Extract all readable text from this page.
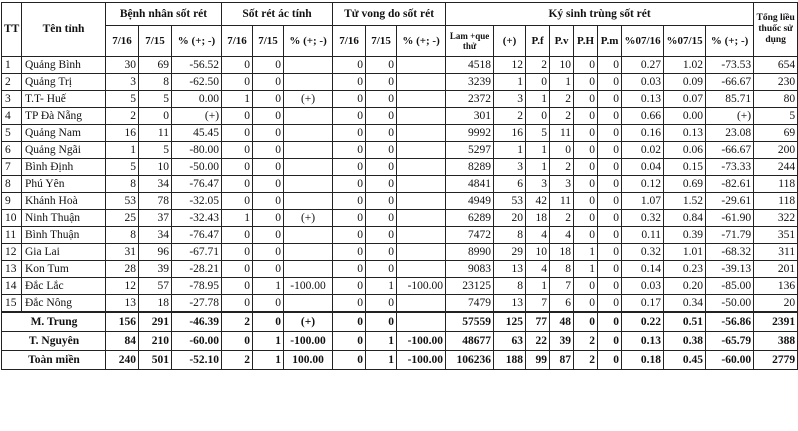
TT	Tên tỉnh	Bệnh nhân sốt rét			Sốt rét ác tính			Tử vong do sốt rét			Ký sinh trùng sốt rét									Tổng liều thuốc sử dụng
		7/16	7/15	% (+; -)	7/16	7/15	% (+; -)	7/16	7/15	% (+; -)	Lam +que thử	(+)	P.f	P.v	P.H	P.m	%07/16	%07/15	% (+; -)	
1	Quảng Bình	30	69	-56.52	0	0		0	0		4518	12	2	10	0	0	0.27	1.02	-73.53	654
2	Quảng Trị	3	8	-62.50	0	0		0	0		3239	1	0	1	0	0	0.03	0.09	-66.67	230
3	T.T- Huế	5	5	0.00	1	0	(+)	0	0		2372	3	1	2	0	0	0.13	0.07	85.71	80
4	TP Đà Nẵng	2	0	(+)	0	0		0	0		301	2	0	2	0	0	0.66	0.00	(+)	5
5	Quảng Nam	16	11	45.45	0	0		0	0		9992	16	5	11	0	0	0.16	0.13	23.08	69
6	Quảng Ngãi	1	5	-80.00	0	0		0	0		5297	1	1	0	0	0	0.02	0.06	-66.67	200
7	Bình Định	5	10	-50.00	0	0		0	0		8289	3	1	2	0	0	0.04	0.15	-73.33	244
8	Phú Yên	8	34	-76.47	0	0		0	0		4841	6	3	3	0	0	0.12	0.69	-82.61	118
9	Khánh Hoà	53	78	-32.05	0	0		0	0		4949	53	42	11	0	0	1.07	1.52	-29.61	118
10	Ninh Thuận	25	37	-32.43	1	0	(+)	0	0		6289	20	18	2	0	0	0.32	0.84	-61.90	322
11	Bình Thuận	8	34	-76.47	0	0		0	0		7472	8	4	4	0	0	0.11	0.39	-71.79	351
12	Gia Lai	31	96	-67.71	0	0		0	0		8990	29	10	18	1	0	0.32	1.01	-68.32	311
13	Kon Tum	28	39	-28.21	0	0		0	0		9083	13	4	8	1	0	0.14	0.23	-39.13	201
14	Đắc Lắc	12	57	-78.95	0	1	-100.00	0	1	-100.00	23125	8	1	7	0	0	0.03	0.20	-85.00	136
15	Đắc Nông	13	18	-27.78	0	0		0	0		7479	13	7	6	0	0	0.17	0.34	-50.00	20
M. Trung		156	291	-46.39	2	0	(+)	0	0		57559	125	77	48	0	0	0.22	0.51	-56.86	2391
T. Nguyên		84	210	-60.00	0	1	-100.00	0	1	-100.00	48677	63	22	39	2	0	0.13	0.38	-65.79	388
Toàn miền		240	501	-52.10	2	1	100.00	0	1	-100.00	106236	188	99	87	2	0	0.18	0.45	-60.00	2779
